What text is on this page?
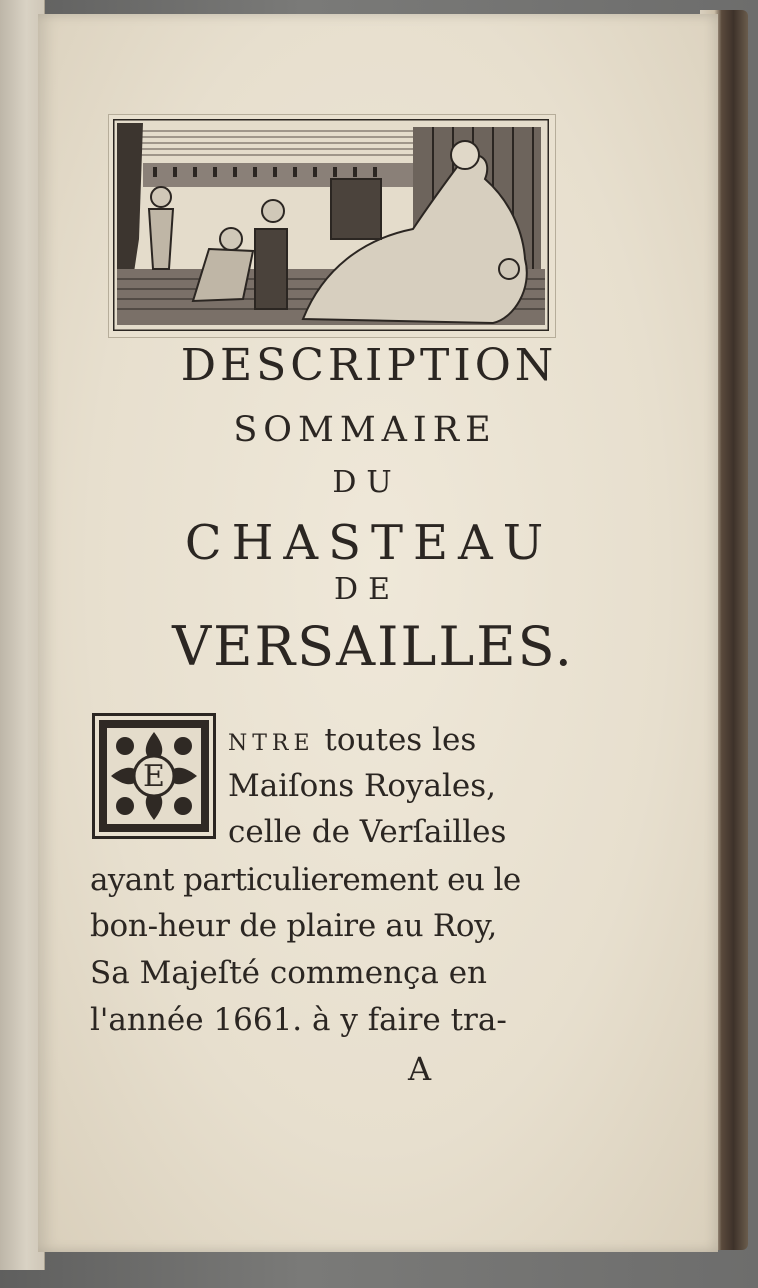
DESCRIPTION
SOMMAIRE
DU
CHASTEAU
DE
VERSAILLES.
E
NTRE toutes les
Maiſons Royales,
celle de Verſailles
ayant particulierement eu le
bon-heur de plaire au Roy,
Sa Majeſté commença en
l'année 1661. à y faire tra-
A
